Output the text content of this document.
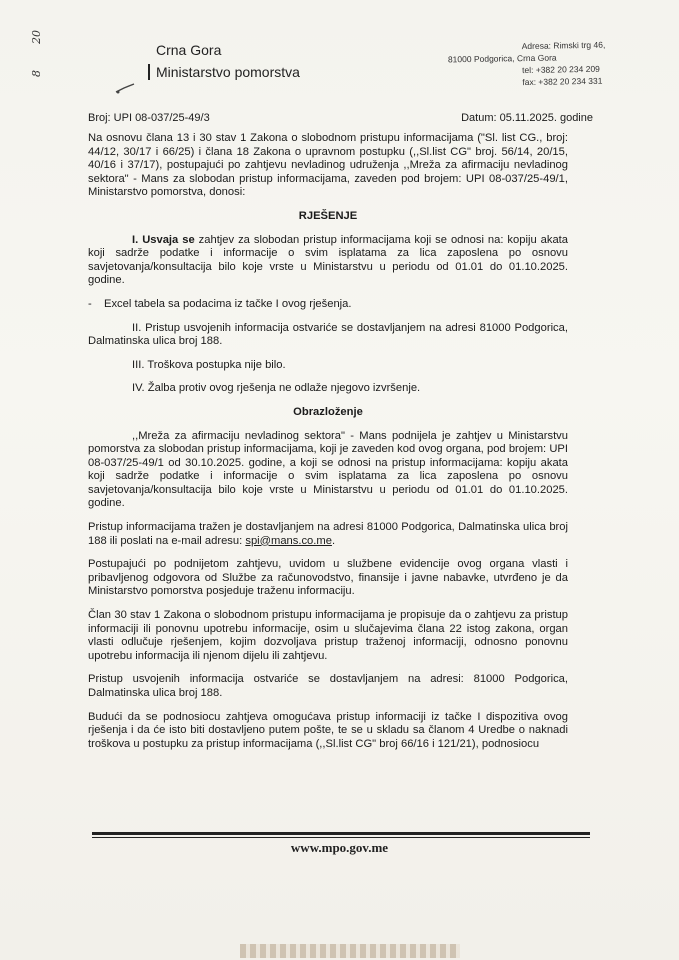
20
8
Crna Gora
Ministarstvo pomorstva
Adresa: Rimski trg 46,
81000 Podgorica, Crna Gora
tel: +382 20 234 209
fax: +382 20 234 331
Broj: UPI 08-037/25-49/3	Datum: 05.11.2025. godine

Na osnovu člana 13 i 30 stav 1 Zakona o slobodnom pristupu informacijama ("Sl. list CG., broj: 44/12, 30/17 i 66/25) i člana 18 Zakona o upravnom postupku (,,Sl.list CG" broj. 56/14, 20/15, 40/16 i 37/17), postupajući po zahtjevu nevladinog udruženja ,,Mreža za afirmaciju nevladinog sektora" - Mans za slobodan pristup informacijama, zaveden pod brojem: UPI 08-037/25-49/1, Ministarstvo pomorstva, donosi:

RJEŠENJE

I. Usvaja se zahtjev za slobodan pristup informacijama koji se odnosi na: kopiju akata koji sadrže podatke i informacije o svim isplatama za lica zaposlena po osnovu savjetovanja/konsultacija bilo koje vrste u Ministarstvu u periodu od 01.01 do 01.10.2025. godine.

- Excel tabela sa podacima iz tačke I ovog rješenja.

II. Pristup usvojenih informacija ostvariće se dostavljanjem na adresi 81000 Podgorica, Dalmatinska ulica broj 188.

III. Troškova postupka nije bilo.

IV. Žalba protiv ovog rješenja ne odlaže njegovo izvršenje.

Obrazloženje

,,Mreža za afirmaciju nevladinog sektora" - Mans podnijela je zahtjev u Ministarstvu pomorstva za slobodan pristup informacijama, koji je zaveden kod ovog organa, pod brojem: UPI 08-037/25-49/1 od 30.10.2025. godine, a koji se odnosi na pristup informacijama: kopiju akata koji sadrže podatke i informacije o svim isplatama za lica zaposlena po osnovu savjetovanja/konsultacija bilo koje vrste u Ministarstvu u periodu od 01.01 do 01.10.2025. godine.

Pristup informacijama tražen je dostavljanjem na adresi 81000 Podgorica, Dalmatinska ulica broj 188 ili poslati na e-mail adresu: spi@mans.co.me.

Postupajući po podnijetom zahtjevu, uvidom u službene evidencije ovog organa vlasti i pribavljenog odgovora od Službe za računovodstvo, finansije i javne nabavke, utvrđeno je da Ministarstvo pomorstva posjeduje traženu informaciju.

Član 30 stav 1 Zakona o slobodnom pristupu informacijama je propisuje da o zahtjevu za pristup informaciji ili ponovnu upotrebu informacije, osim u slučajevima člana 22 istog zakona, organ vlasti odlučuje rješenjem, kojim dozvoljava pristup traženoj informaciji, odnosno ponovnu upotrebu informacija ili njenom dijelu ili zahtjevu.

Pristup usvojenih informacija ostvariće se dostavljanjem na adresi: 81000 Podgorica, Dalmatinska ulica broj 188.

Budući da se podnosiocu zahtjeva omogućava pristup informaciji iz tačke I dispozitiva ovog rješenja i da će isto biti dostavljeno putem pošte, te se u skladu sa članom 4 Uredbe o naknadi troškova u postupku za pristup informacijama (,,Sl.list CG" broj 66/16 i 121/21), podnosiocu

www.mpo.gov.me
